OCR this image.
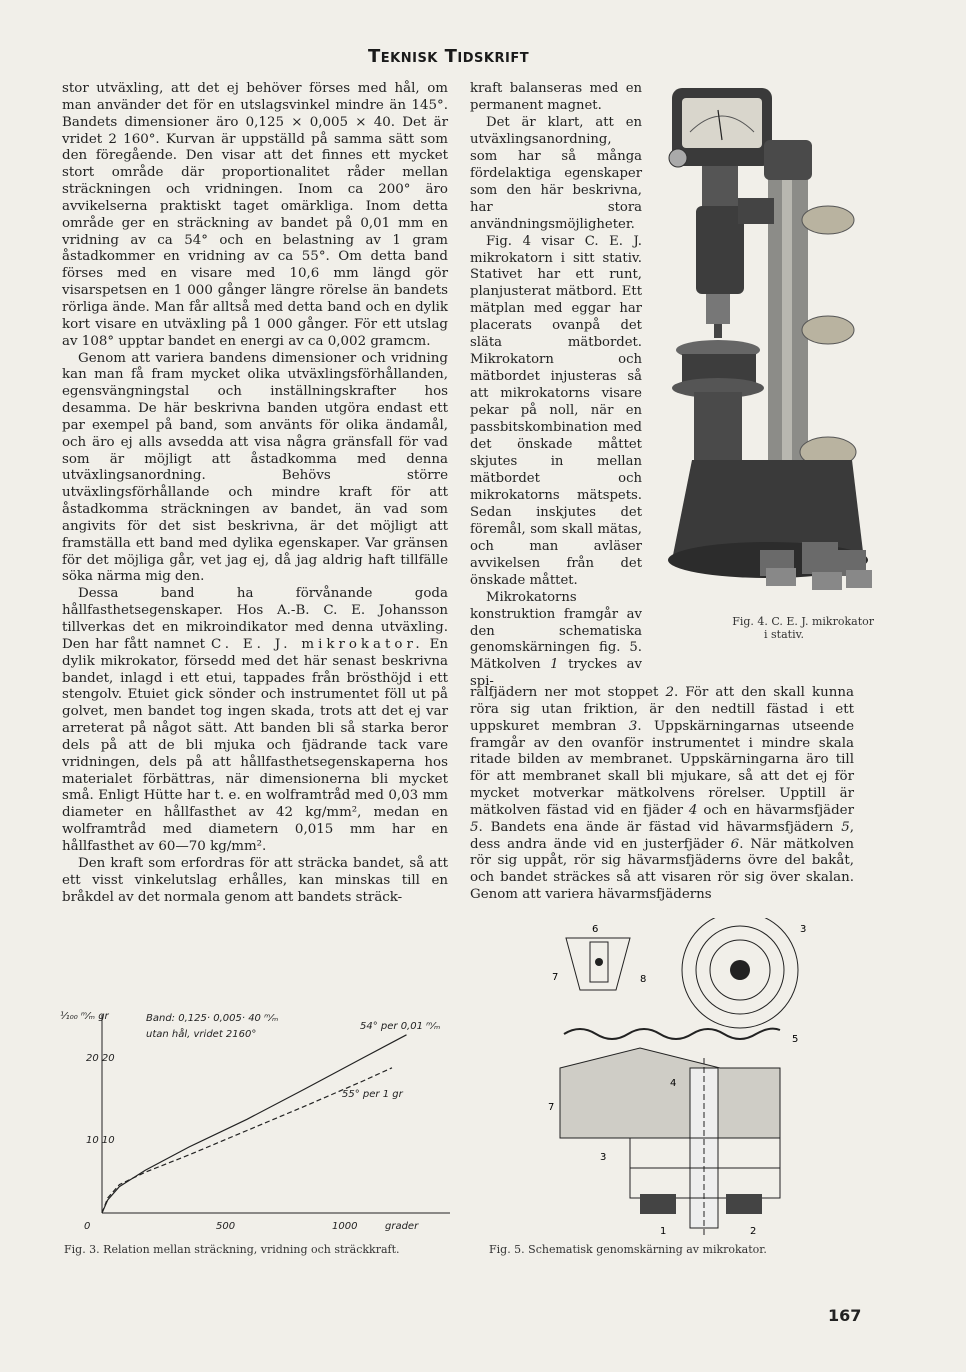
Teknisk Tidskrift

stor utväxling, att det ej behöver förses med hål, om man använder det för en utslagsvinkel mindre än 145°. Bandets dimensioner äro 0,125 × 0,005 × 40. Det är vridet 2 160°. Kurvan är uppställd på samma sätt som den föregående. Den visar att det finnes ett mycket stort område där proportionalitet råder mellan sträckningen och vridningen. Inom ca 200° äro avvikelserna praktiskt taget omärkliga. Inom detta område ger en sträckning av bandet på 0,01 mm en vridning av ca 54° och en belastning av 1 gram åstadkommer en vridning av ca 55°. Om detta band förses med en visare med 10,6 mm längd gör visarspetsen en 1 000 gånger längre rörelse än bandets rörliga ände. Man får alltså med detta band och en dylik kort visare en utväxling på 1 000 gånger. För ett utslag av 108° upptar bandet en energi av ca 0,002 gramcm.

Genom att variera bandens dimensioner och vridning kan man få fram mycket olika utväxlingsförhållanden, egensvängningstal och inställningskrafter hos desamma. De här beskrivna banden utgöra endast ett par exempel på band, som använts för olika ändamål, och äro ej alls avsedda att visa några gränsfall för vad som är möjligt att åstadkomma med denna utväxlingsanordning. Behövs större utväxlingsförhållande och mindre kraft för att åstadkomma sträckningen av bandet, än vad som angivits för det sist beskrivna, är det möjligt att framställa ett band med dylika egenskaper. Var gränsen för det möjliga går, vet jag ej, då jag aldrig haft tillfälle söka närma mig den.

Dessa band ha förvånande goda hållfasthetsegenskaper. Hos A.-B. C. E. Johansson tillverkas det en mikroindikator med denna utväxling. Den har fått namnet C. E. J. mikrokator. En dylik mikrokator, försedd med det här senast beskrivna bandet, inlagd i ett etui, tappades från brösthöjd i ett stengolv. Etuiet gick sönder och instrumentet föll ut på golvet, men bandet tog ingen skada, trots att det ej var arreterat på något sätt. Att banden bli så starka beror dels på att de bli mjuka och fjädrande tack vare vridningen, dels på att hållfasthetsegenskaperna hos materialet förbättras, när dimensionerna bli mycket små. Enligt Hütte har t. e. en wolframtråd med 0,03 mm diameter en hållfasthet av 42 kg/mm², medan en wolframtråd med diametern 0,015 mm har en hållfasthet av 60—70 kg/mm².

Den kraft som erfordras för att sträcka bandet, så att ett visst vinkelutslag erhålles, kan minskas till en bråkdel av det normala genom att bandets sträck-

kraft balanseras med en permanent magnet.

Det är klart, att en utväxlingsanordning, som har så många fördelaktiga egenskaper som den här beskrivna, har stora användningsmöjligheter.

Fig. 4 visar C. E. J. mikrokatorn i sitt stativ. Stativet har ett runt, planjusterat mätbord. Ett mätplan med eggar har placerats ovanpå det släta mätbordet. Mikrokatorn och mätbordet injusteras så att mikrokatorns visare pekar på noll, när en passbitskombination med det önskade måttet skjutes in mellan mätbordet och mikrokatorns mätspets. Sedan inskjutes det föremål, som skall mätas, och man avläser avvikelsen från det önskade måttet.

Mikrokatorns konstruktion framgår av den schematiska genomskärningen fig. 5. Mätkolven 1 tryckes av spi-

Fig. 4. C. E. J. mikrokator
i stativ.

ralfjädern ner mot stoppet 2. För att den skall kunna röra sig utan friktion, är den nedtill fästad i ett uppskuret membran 3. Uppskärningarnas utseende framgår av den ovanför instrumentet i mindre skala ritade bilden av membranet. Uppskärningarna äro till för att membranet skall bli mjukare, så att det ej för mycket motverkar mätkolvens rörelser. Upptill är mätkolven fästad vid en fjäder 4 och en hävarmsfjäder 5. Bandets ena ände är fästad vid hävarmsfjädern 5, dess andra ände vid en justerfjäder 6. När mätkolven rör sig uppåt, rör sig hävarmsfjäderns övre del bakåt, och bandet sträckes så att visaren rör sig över skalan. Genom att variera hävarmsfjäderns

¹⁄₁₀₀ ᵐ⁄ₘ gr	Band: 0,125· 0,005· 40 ᵐ⁄ₘ
utan hål, vridet 2160°
0	500	1000	grader
10 10
20 20
54° per 0,01 ᵐ⁄ₘ
55° per 1 gr
6
7	8
3
5
4
7
3
1	2
Fig. 3. Relation mellan sträckning, vridning och sträckkraft.	Fig. 5. Schematisk genomskärning av mikrokator.
167
